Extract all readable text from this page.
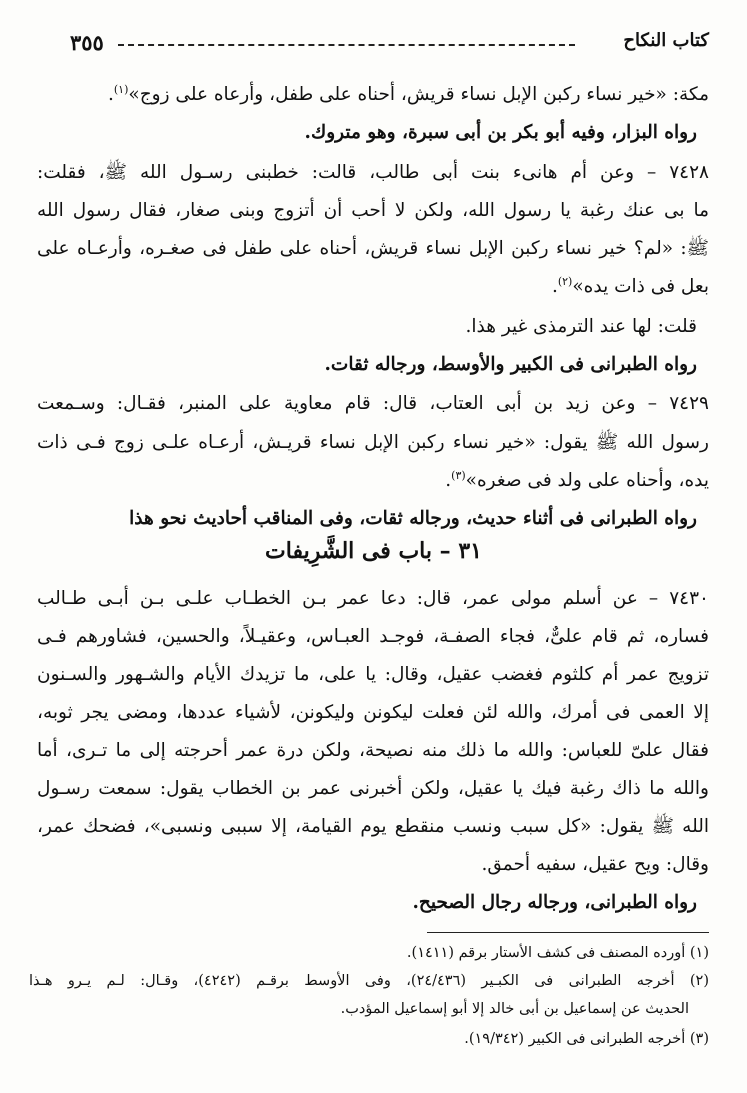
٣٥٥	كتاب النكاح
مكة: «خير نساء ركبن الإبل نساء قريش، أحناه على طفل، وأرعاه على زوج»$^{(١)}$.
رواه البزار، وفيه أبو بكر بن أبى سبرة، وهو متروك.
٧٤٢٨ – وعن أم هانىء بنت أبى طالب، قالت: خطبنى رسـول الله ﷺ، فقلت:
ما بى عنك رغبة يا رسول الله، ولكن لا أحب أن أتزوج وبنى صغار، فقال رسول الله
ﷺ: «لم؟ خير نساء ركبن الإبل نساء قريش، أحناه على طفل فى صغـره، وأرعـاه على
بعل فى ذات يده»$^{(٢)}$.
قلت: لها عند الترمذى غير هذا.
رواه الطبرانى فى الكبير والأوسط، ورجاله ثقات.
٧٤٢٩ – وعن زيد بن أبى العتاب، قال: قام معاوية على المنبر، فقـال: وسـمعت
رسول الله ﷺ يقول: «خير نساء ركبن الإبل نساء قريـش، أرعـاه علـى زوج فـى ذات
يده، وأحناه على ولد فى صغره»$^{(٣)}$.
رواه الطبرانى فى أثناء حديث، ورجاله ثقات، وفى المناقب أحاديث نحو هذا
٣١ – باب فى الشَّرِيفات
٧٤٣٠ – عن أسلم مولى عمر، قال: دعا عمر بـن الخطـاب علـى بـن أبـى طـالب
فساره، ثم قام علىٌّ، فجاء الصفـة، فوجـد العبـاس، وعقيـلاً، والحسين، فشاورهم فـى
تزويج عمر أم كلثوم فغضب عقيل، وقال: يا على، ما تزيدك الأيام والشـهور والسـنون
إلا العمى فى أمرك، والله لئن فعلت ليكونن وليكونن، لأشياء عددها، ومضى يجر ثوبه،
فقال علىّ للعباس: والله ما ذلك منه نصيحة، ولكن درة عمر أحرجته إلى ما تـرى، أما
والله ما ذاك رغبة فيك يا عقيل، ولكن أخبرنى عمر بن الخطاب يقول: سمعت رسـول
الله ﷺ يقول: «كل سبب ونسب منقطع يوم القيامة، إلا سببى ونسبى»، فضحك عمر،
وقال: ويح عقيل، سفيه أحمق.
رواه الطبرانى، ورجاله رجال الصحيح.
(١) أورده المصنف فى كشف الأستار برقم (١٤١١).
(٢) أخرجه الطبرانى فى الكبـير (٢٤/٤٣٦)، وفى الأوسط برقـم (٤٢٤٢)، وقـال: لـم يـرو هـذا
الحديث عن إسماعيل بن أبى خالد إلا أبو إسماعيل المؤدب.
(٣) أخرجه الطبرانى فى الكبير (١٩/٣٤٢).
